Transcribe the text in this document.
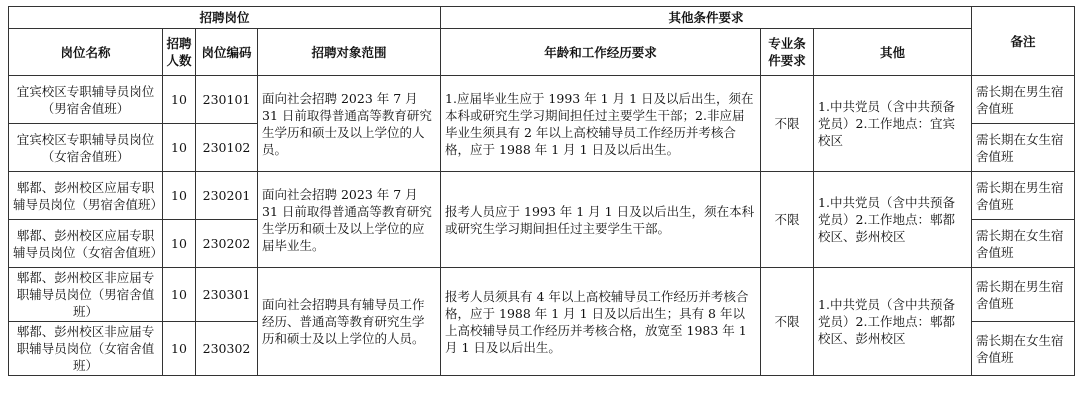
招聘岗位				其他条件要求			备注
岗位名称	招聘人数	岗位编码	招聘对象范围	年龄和工作经历要求	专业条件要求	其他	
宜宾校区专职辅导员岗位（男宿舍值班）	10	230101	面向社会招聘 2023 年 7 月 31 日前取得普通高等教育研究生学历和硕士及以上学位的人员。	1.应届毕业生应于 1993 年 1 月 1 日及以后出生，须在本科或研究生学习期间担任过主要学生干部；2.非应届毕业生须具有 2 年以上高校辅导员工作经历并考核合格，应于 1988 年 1 月 1 日及以后出生。	不限	1.中共党员（含中共预备党员）2.工作地点：宜宾校区	需长期在男生宿舍值班
宜宾校区专职辅导员岗位（女宿舍值班）	10	230102					需长期在女生宿舍值班
郫都、彭州校区应届专职辅导员岗位（男宿舍值班）	10	230201	面向社会招聘 2023 年 7 月 31 日前取得普通高等教育研究生学历和硕士及以上学位的应届毕业生。	报考人员应于 1993 年 1 月 1 日及以后出生，须在本科或研究生学习期间担任过主要学生干部。	不限	1.中共党员（含中共预备党员）2.工作地点：郫都校区、彭州校区	需长期在男生宿舍值班
郫都、彭州校区应届专职辅导员岗位（女宿舍值班）	10	230202					需长期在女生宿舍值班
郫都、彭州校区非应届专职辅导员岗位（男宿舍值班）	10	230301	面向社会招聘具有辅导员工作经历、普通高等教育研究生学历和硕士及以上学位的人员。	报考人员须具有 4 年以上高校辅导员工作经历并考核合格，应于 1988 年 1 月 1 日及以后出生；具有 8 年以上高校辅导员工作经历并考核合格，放宽至 1983 年 1 月 1 日及以后出生。	不限	1.中共党员（含中共预备党员）2.工作地点：郫都校区、彭州校区	需长期在男生宿舍值班
郫都、彭州校区非应届专职辅导员岗位（女宿舍值班）	10	230302					需长期在女生宿舍值班
